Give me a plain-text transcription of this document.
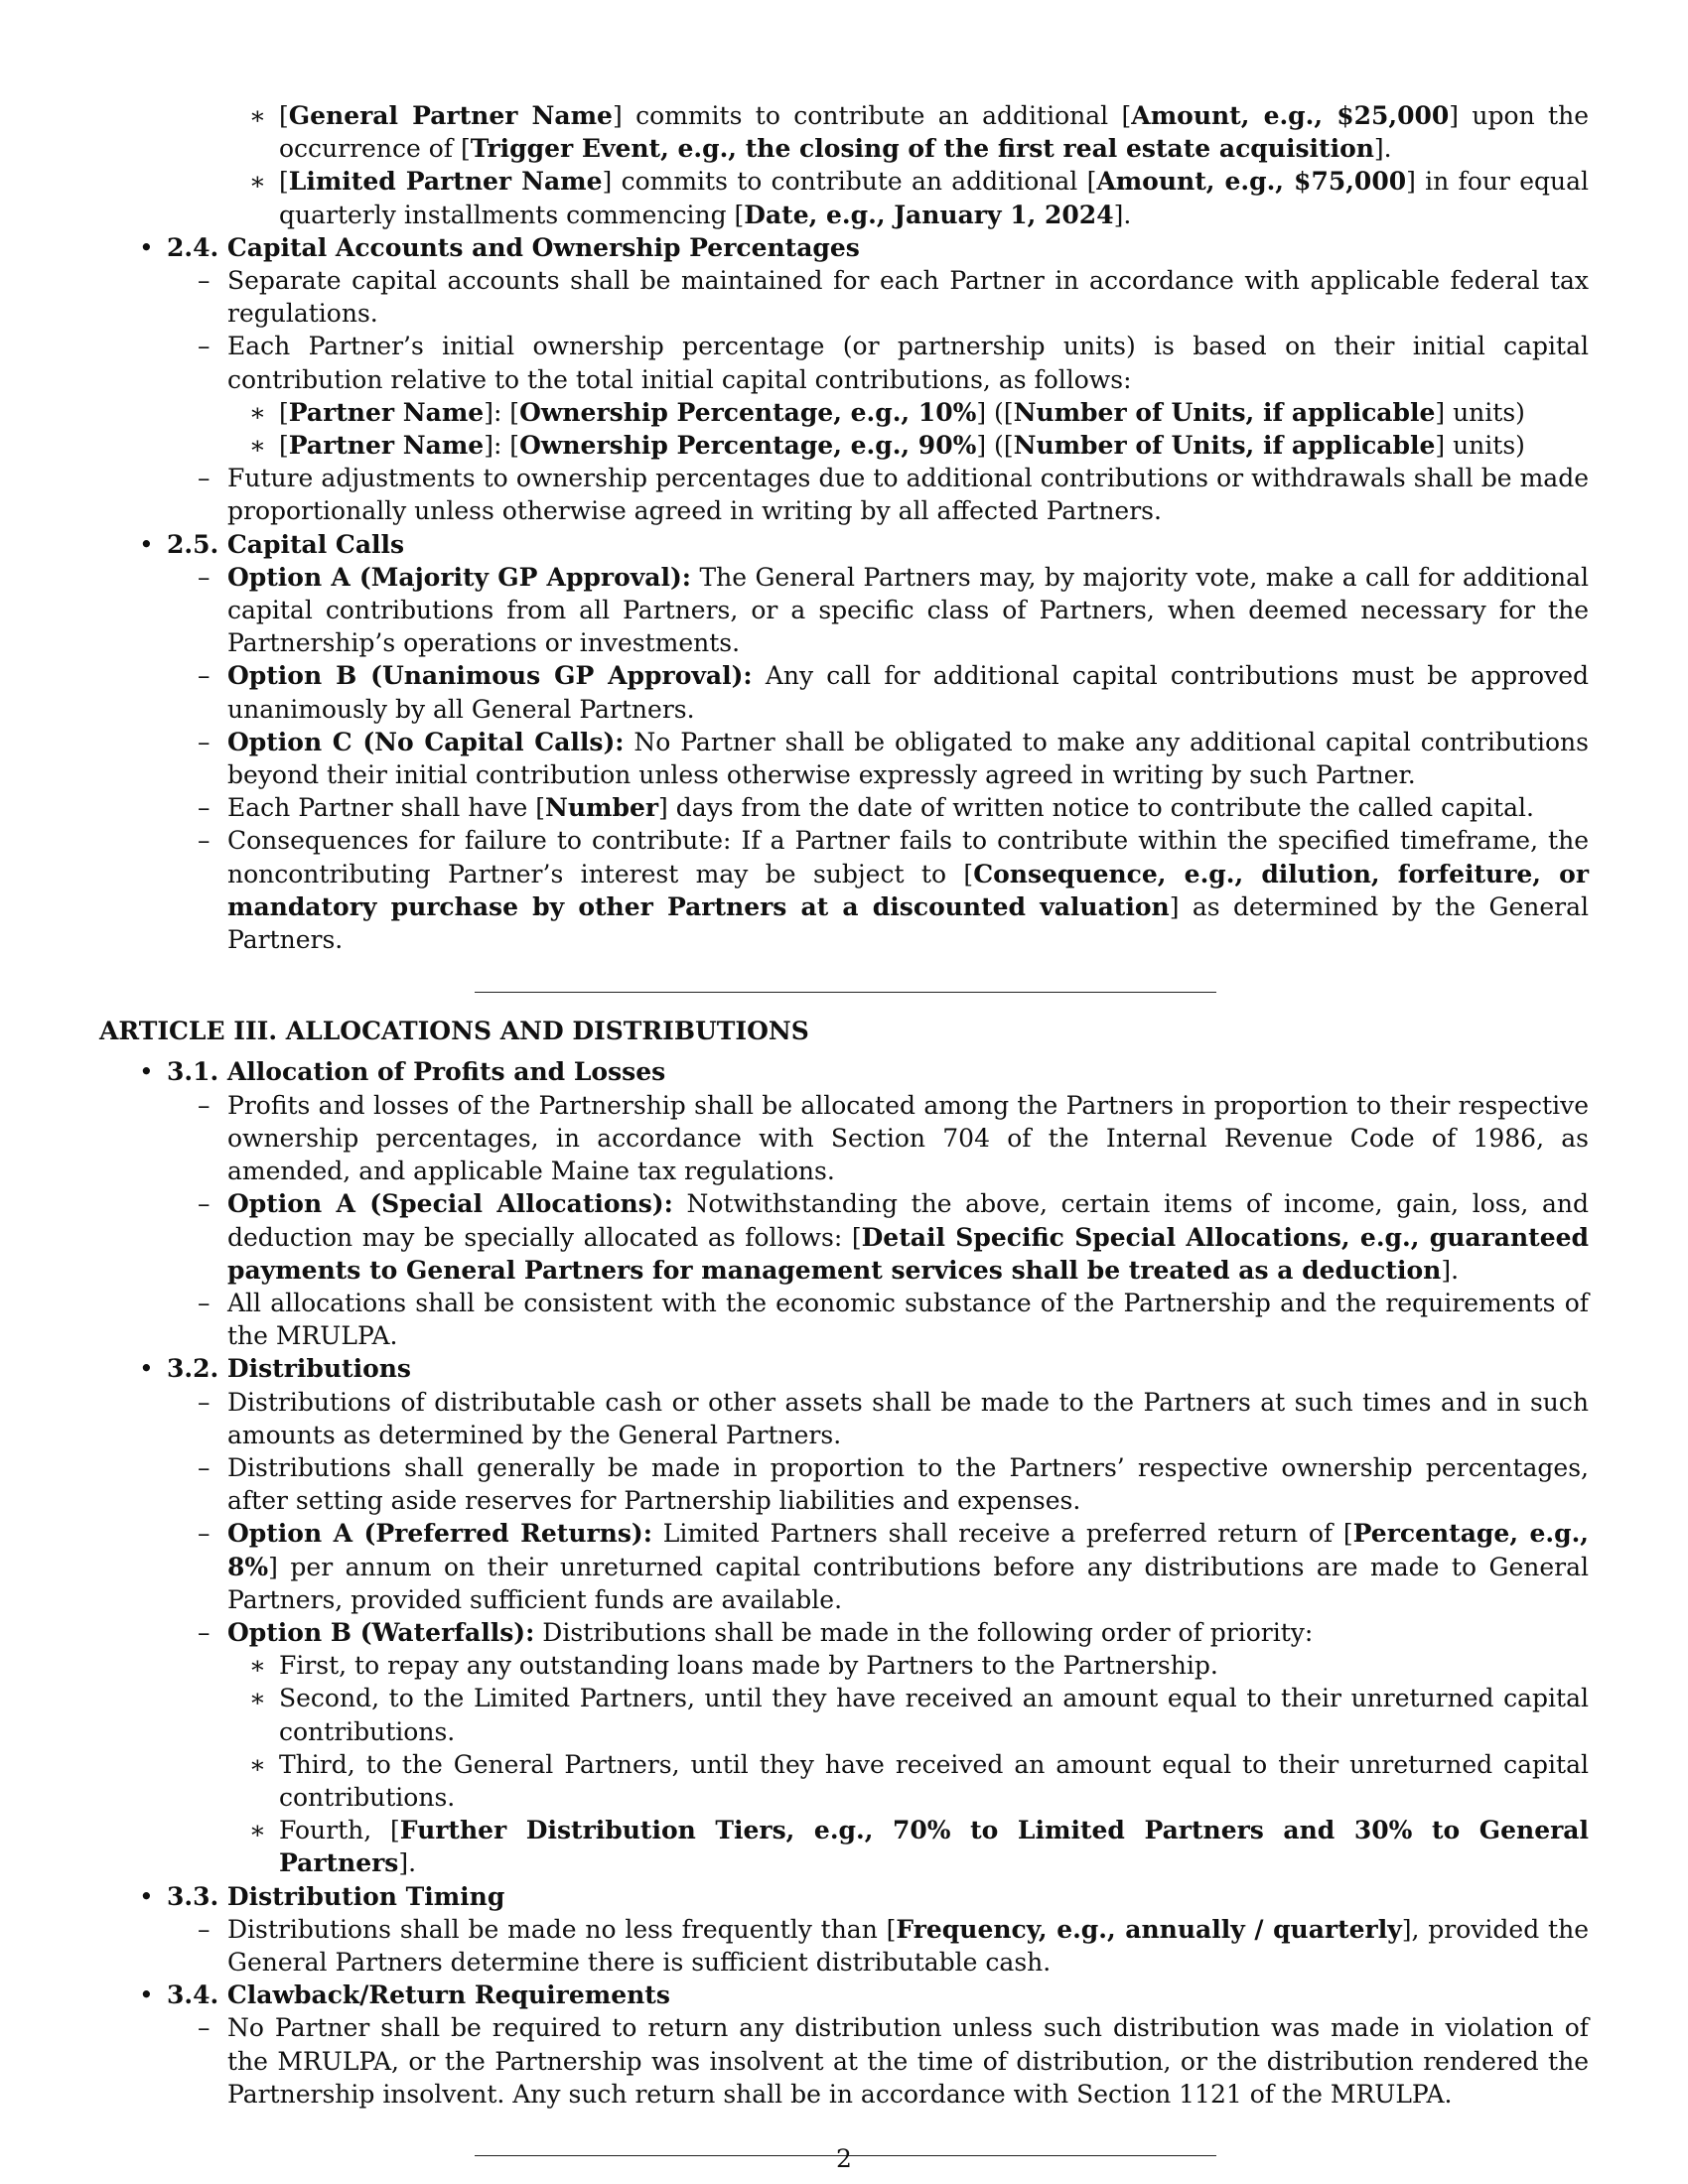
∗ [General Partner Name] commits to contribute an additional [Amount, e.g., $25,000] upon the occurrence of [Trigger Event, e.g., the closing of the first real estate acquisition].
∗ [Limited Partner Name] commits to contribute an additional [Amount, e.g., $75,000] in four equal quarterly installments commencing [Date, e.g., January 1, 2024].
• 2.4. Capital Accounts and Ownership Percentages
– Separate capital accounts shall be maintained for each Partner in accordance with applicable federal tax regulations.
– Each Partner’s initial ownership percentage (or partnership units) is based on their initial capital contribution relative to the total initial capital contributions, as follows:
∗ [Partner Name]: [Ownership Percentage, e.g., 10%] ([Number of Units, if applicable] units)
∗ [Partner Name]: [Ownership Percentage, e.g., 90%] ([Number of Units, if applicable] units)
– Future adjustments to ownership percentages due to additional contributions or withdrawals shall be made proportionally unless otherwise agreed in writing by all affected Partners.
• 2.5. Capital Calls
– Option A (Majority GP Approval): The General Partners may, by majority vote, make a call for additional capital contributions from all Partners, or a specific class of Partners, when deemed necessary for the Partnership’s operations or investments.
– Option B (Unanimous GP Approval): Any call for additional capital contributions must be approved unanimously by all General Partners.
– Option C (No Capital Calls): No Partner shall be obligated to make any additional capital contributions beyond their initial contribution unless otherwise expressly agreed in writing by such Partner.
– Each Partner shall have [Number] days from the date of written notice to contribute the called capital.
– Consequences for failure to contribute: If a Partner fails to contribute within the specified timeframe, the noncontributing Partner’s interest may be subject to [Consequence, e.g., dilution, forfeiture, or mandatory purchase by other Partners at a discounted valuation] as determined by the General Partners.
ARTICLE III. ALLOCATIONS AND DISTRIBUTIONS
• 3.1. Allocation of Profits and Losses
– Profits and losses of the Partnership shall be allocated among the Partners in proportion to their respective ownership percentages, in accordance with Section 704 of the Internal Revenue Code of 1986, as amended, and applicable Maine tax regulations.
– Option A (Special Allocations): Notwithstanding the above, certain items of income, gain, loss, and deduction may be specially allocated as follows: [Detail Specific Special Allocations, e.g., guaranteed payments to General Partners for management services shall be treated as a deduction].
– All allocations shall be consistent with the economic substance of the Partnership and the requirements of the MRULPA.
• 3.2. Distributions
– Distributions of distributable cash or other assets shall be made to the Partners at such times and in such amounts as determined by the General Partners.
– Distributions shall generally be made in proportion to the Partners’ respective ownership percentages, after setting aside reserves for Partnership liabilities and expenses.
– Option A (Preferred Returns): Limited Partners shall receive a preferred return of [Percentage, e.g., 8%] per annum on their unreturned capital contributions before any distributions are made to General Partners, provided sufficient funds are available.
– Option B (Waterfalls): Distributions shall be made in the following order of priority:
∗ First, to repay any outstanding loans made by Partners to the Partnership.
∗ Second, to the Limited Partners, until they have received an amount equal to their unreturned capital contributions.
∗ Third, to the General Partners, until they have received an amount equal to their unreturned capital contributions.
∗ Fourth, [Further Distribution Tiers, e.g., 70% to Limited Partners and 30% to General Partners].
• 3.3. Distribution Timing
– Distributions shall be made no less frequently than [Frequency, e.g., annually / quarterly], provided the General Partners determine there is sufficient distributable cash.
• 3.4. Clawback/Return Requirements
– No Partner shall be required to return any distribution unless such distribution was made in violation of the MRULPA, or the Partnership was insolvent at the time of distribution, or the distribution rendered the Partnership insolvent. Any such return shall be in accordance with Section 1121 of the MRULPA.
2
